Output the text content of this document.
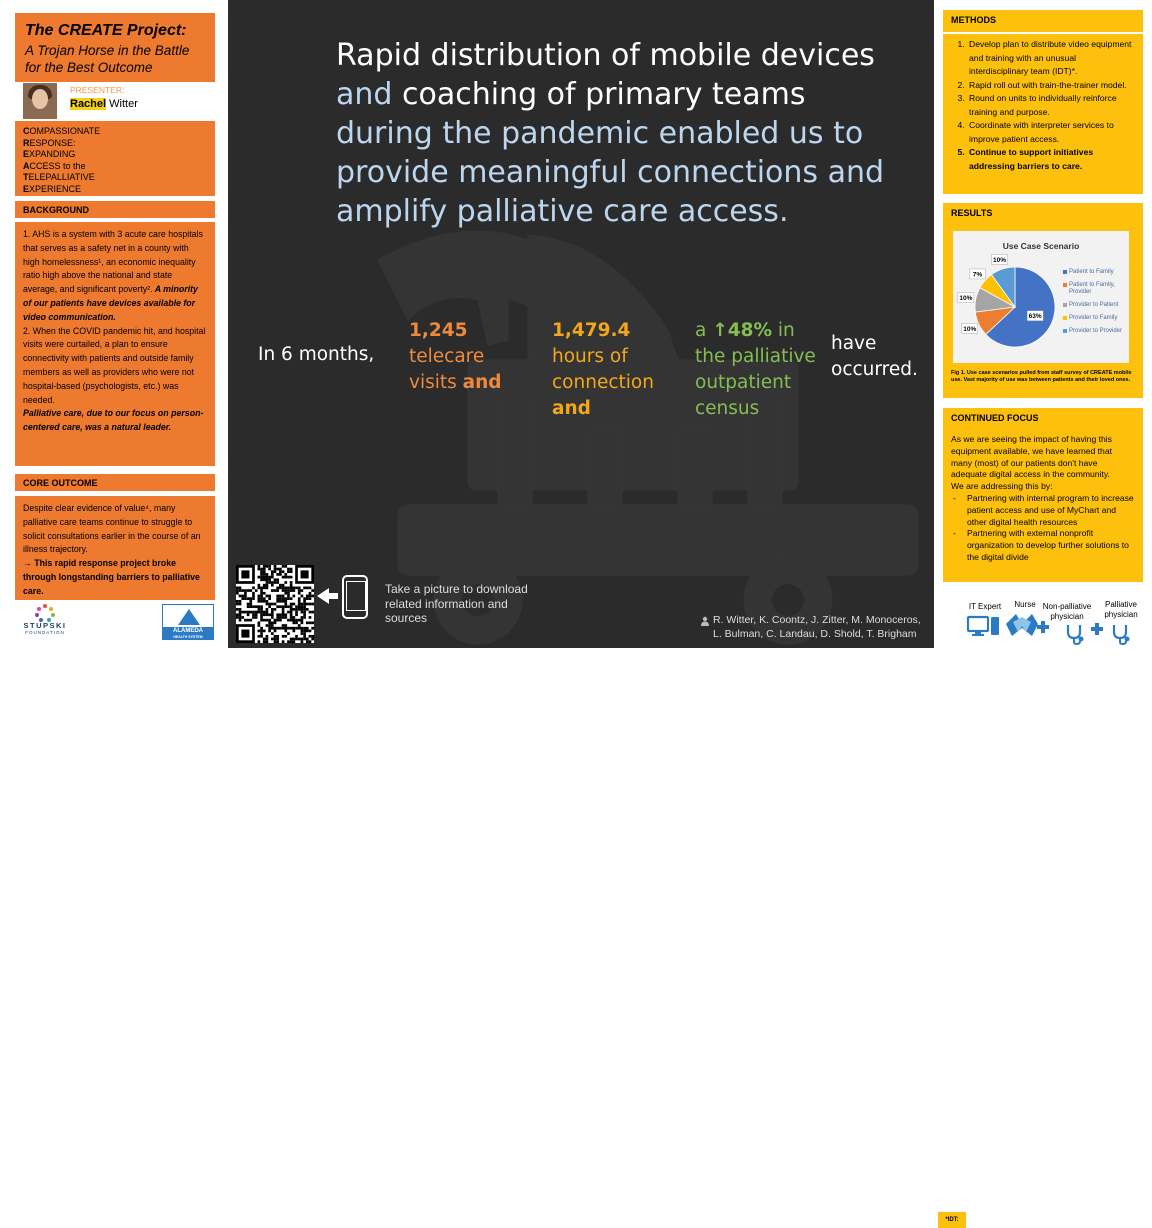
The CREATE Project:
A Trojan Horse in the Battle for the Best Outcome
PRESENTER:
Rachel Witter
COMPASSIONATE
RESPONSE:
EXPANDING
ACCESS to the
TELEPALLIATIVE
EXPERIENCE
BACKGROUND
1. AHS is a system with 3 acute care hospitals that serves as a safety net in a county with high homelessness¹, an economic inequality ratio high above the national and state average, and significant poverty². A minority of our patients have devices available for video communication.
2. When the COVID pandemic hit, and hospital visits were curtailed, a plan to ensure connectivity with patients and outside family members as well as providers who were not hospital-based (psychologists, etc.) was needed.
Palliative care, due to our focus on person-centered care, was a natural leader.
CORE OUTCOME
Despite clear evidence of value⁴, many palliative care teams continue to struggle to solicit consultations earlier in the course of an illness trajectory.
→ This rapid response project broke through longstanding barriers to palliative care.
STUPSKI
FOUNDATION	ALAMEDA
HEALTH SYSTEM
Rapid distribution of mobile devices
and coaching of primary teams
during the pandemic enabled us to provide meaningful connections and amplify palliative care access.
In 6 months,
1,245
telecare
visits and
1,479.4
hours of
connection
and
a ↑48% in
the palliative
outpatient
census
have
occurred.
Take a picture to download related information and sources	R. Witter, K. Coontz, J. Zitter, M. Monoceros,
L. Bulman, C. Landau, D. Shold, T. Brigham
METHODS
1. Develop plan to distribute video equipment and training with an unusual interdisciplinary team (IDT)*.
2. Rapid roll out with train-the-trainer model.
3. Round on units to individually reinforce training and purpose.
4. Coordinate with interpreter services to improve patient access.
5. Continue to support initiatives addressing barriers to care.
RESULTS
Use Case Scenario
63%
10%
10%
7%
10%
Patient to Family
Patient to Family, Provider
Provider to Patient
Provider to Family
Provider to Provider
Fig 1. Use case scenarios pulled from staff survey of CREATE mobile use. Vast majority of use was between patients and their loved ones.
CONTINUED FOCUS
As we are seeing the impact of having this equipment available, we have learned that many (most) of our patients don't have adequate digital access in the community.
We are addressing this by:
- Partnering with internal program to increase patient access and use of MyChart and other digital health resources
- Partnering with external nonprofit organization to develop further solutions to the digital divide
*IDT:
IT Expert	Nurse Non-palliative physician
Palliative physician
